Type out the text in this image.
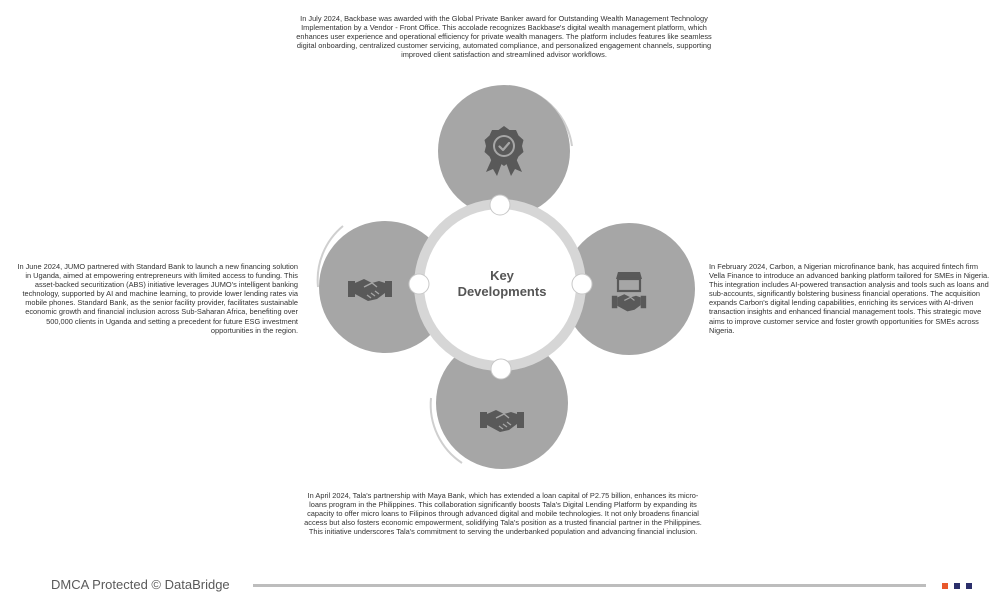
In July 2024, Backbase was awarded with the Global Private Banker award for Outstanding Wealth Management Technology Implementation by a Vendor - Front Office. This accolade recognizes Backbase's digital wealth management platform, which enhances user experience and operational efficiency for private wealth managers. The platform includes features like seamless digital onboarding, centralized customer servicing, automated compliance, and personalized engagement channels, supporting improved client satisfaction and streamlined advisor workflows.

In June 2024, JUMO partnered with Standard Bank to launch a new financing solution in Uganda, aimed at empowering entrepreneurs with limited access to funding. This asset-backed securitization (ABS) initiative leverages JUMO's intelligent banking technology, supported by AI and machine learning, to provide lower lending rates via mobile phones. Standard Bank, as the senior facility provider, facilitates sustainable economic growth and financial inclusion across Sub-Saharan Africa, benefiting over 500,000 clients in Uganda and setting a precedent for future ESG investment opportunities in the region.

In February 2024, Carbon, a Nigerian microfinance bank, has acquired fintech firm Vella Finance to introduce an advanced banking platform tailored for SMEs in Nigeria. This integration includes AI-powered transaction analysis and tools such as loans and sub-accounts, significantly bolstering business financial operations. The acquisition expands Carbon's digital lending capabilities, enriching its services with AI-driven transaction insights and enhanced financial management tools. This strategic move aims to improve customer service and foster growth opportunities for SMEs across Nigeria.

In April 2024, Tala's partnership with Maya Bank, which has extended a loan capital of P2.75 billion, enhances its micro-loans program in the Philippines. This collaboration significantly boosts Tala's Digital Lending Platform by expanding its capacity to offer micro loans to Filipinos through advanced digital and mobile technologies. It not only broadens financial access but also fosters economic empowerment, solidifying Tala's position as a trusted financial partner in the Philippines. This initiative underscores Tala's commitment to serving the underbanked population and advancing financial inclusion.

Key
Developments
DMCA Protected © DataBridge
